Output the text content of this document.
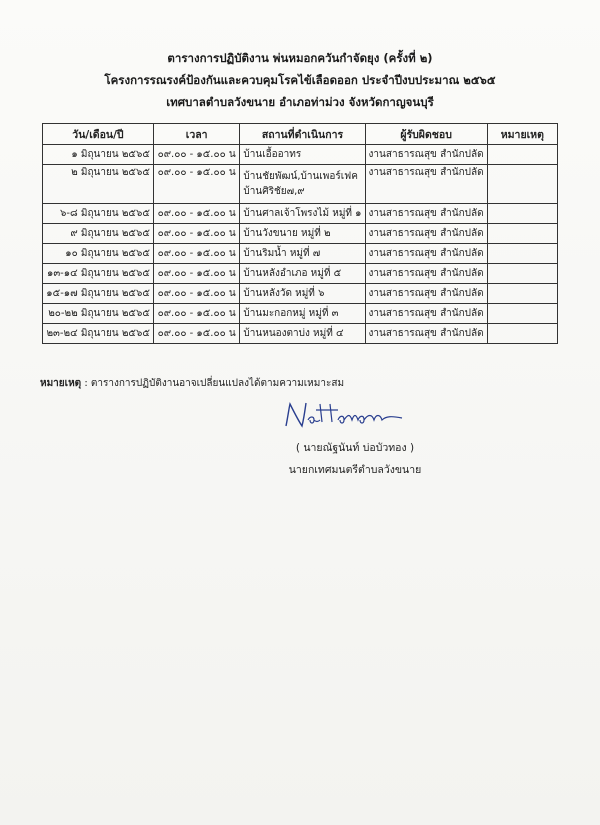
ตารางการปฏิบัติงาน พ่นหมอกควันกำจัดยุง (ครั้งที่ ๒)
โครงการรณรงค์ป้องกันและควบคุมโรคไข้เลือดออก ประจำปีงบประมาณ ๒๕๖๕
เทศบาลตำบลวังขนาย อำเภอท่าม่วง จังหวัดกาญจนบุรี
วัน/เดือน/ปี	เวลา	สถานที่ดำเนินการ	ผู้รับผิดชอบ	หมายเหตุ
๑ มิถุนายน ๒๕๖๕	๐๙.๐๐ - ๑๕.๐๐ น	บ้านเอื้ออาทร	งานสาธารณสุข สำนักปลัด	
๒ มิถุนายน ๒๕๖๕	๐๙.๐๐ - ๑๕.๐๐ น	บ้านชัยพัฒน์,บ้านเพอร์เฟค
บ้านศิริชัย๗,๙	งานสาธารณสุข สำนักปลัด	
๖-๘ มิถุนายน ๒๕๖๕	๐๙.๐๐ - ๑๕.๐๐ น	บ้านศาลเจ้าโพรงไม้ หมู่ที่ ๑	งานสาธารณสุข สำนักปลัด	
๙ มิถุนายน ๒๕๖๕	๐๙.๐๐ - ๑๕.๐๐ น	บ้านวังขนาย หมู่ที่ ๒	งานสาธารณสุข สำนักปลัด	
๑๐ มิถุนายน ๒๕๖๕	๐๙.๐๐ - ๑๕.๐๐ น	บ้านริมน้ำ หมู่ที่ ๗	งานสาธารณสุข สำนักปลัด	
๑๓-๑๔ มิถุนายน ๒๕๖๕	๐๙.๐๐ - ๑๕.๐๐ น	บ้านหลังอำเภอ หมู่ที่ ๕	งานสาธารณสุข สำนักปลัด	
๑๕-๑๗ มิถุนายน ๒๕๖๕	๐๙.๐๐ - ๑๕.๐๐ น	บ้านหลังวัด หมู่ที่ ๖	งานสาธารณสุข สำนักปลัด	
๒๐-๒๒ มิถุนายน ๒๕๖๕	๐๙.๐๐ - ๑๕.๐๐ น	บ้านมะกอกหมู่ หมู่ที่ ๓	งานสาธารณสุข สำนักปลัด	
๒๓-๒๔ มิถุนายน ๒๕๖๕	๐๙.๐๐ - ๑๕.๐๐ น	บ้านหนองตาบ่ง หมู่ที่ ๔	งานสาธารณสุข สำนักปลัด	
หมายเหตุ : ตารางการปฏิบัติงานอาจเปลี่ยนแปลงได้ตามความเหมาะสม
( นายณัฐนันท์ บ่อบัวทอง )
นายกเทศมนตรีตำบลวังขนาย
